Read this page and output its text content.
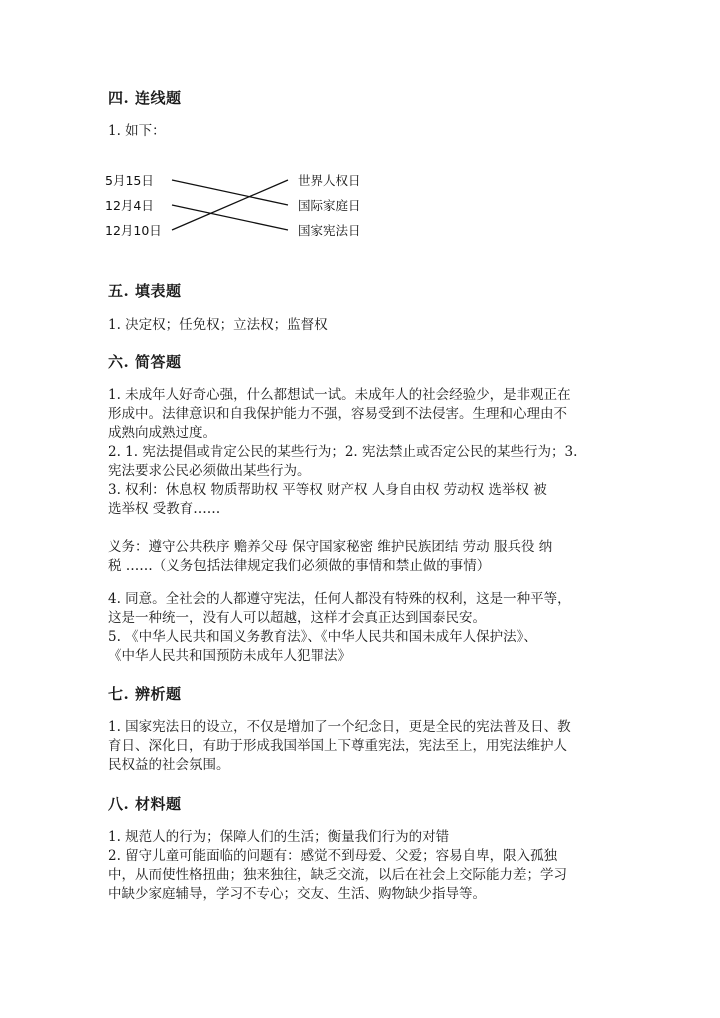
四. 连线题
1. 如下：
5月15日
12月4日
12月10日
世界人权日
国际家庭日
国家宪法日
五. 填表题
1. 决定权；任免权；立法权；监督权
六. 简答题
1. 未成年人好奇心强，什么都想试一试。未成年人的社会经验少，是非观正在
形成中。法律意识和自我保护能力不强，容易受到不法侵害。生理和心理由不
成熟向成熟过度。
2. 1. 宪法提倡或肯定公民的某些行为；2. 宪法禁止或否定公民的某些行为；3.
宪法要求公民必须做出某些行为。
3. 权利：休息权 物质帮助权 平等权 财产权 人身自由权 劳动权 选举权 被
选举权 受教育……
义务：遵守公共秩序 赡养父母 保守国家秘密 维护民族团结 劳动 服兵役 纳
税 ……（义务包括法律规定我们必须做的事情和禁止做的事情）
4. 同意。全社会的人都遵守宪法，任何人都没有特殊的权利，这是一种平等，
这是一种统一，没有人可以超越，这样才会真正达到国泰民安。
5. 《中华人民共和国义务教育法》、《中华人民共和国未成年人保护法》、
《中华人民共和国预防未成年人犯罪法》
七. 辨析题
1. 国家宪法日的设立，不仅是增加了一个纪念日，更是全民的宪法普及日、教
育日、深化日，有助于形成我国举国上下尊重宪法，宪法至上，用宪法维护人
民权益的社会氛围。
八. 材料题
1. 规范人的行为；保障人们的生活；衡量我们行为的对错
2. 留守儿童可能面临的问题有：感觉不到母爱、父爱；容易自卑，限入孤独
中，从而使性格扭曲；独来独往，缺乏交流，以后在社会上交际能力差；学习
中缺少家庭辅导，学习不专心；交友、生活、购物缺少指导等。
